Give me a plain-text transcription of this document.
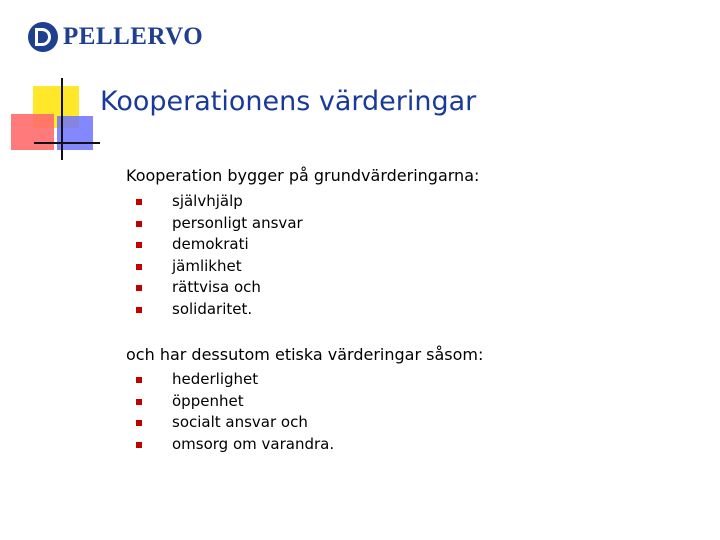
PELLERVO
Kooperationens värderingar
Kooperation bygger på grundvärderingarna:
självhjälp
personligt ansvar
demokrati
jämlikhet
rättvisa och
solidaritet.
och har dessutom etiska värderingar såsom:
hederlighet
öppenhet
socialt ansvar och
omsorg om varandra.
